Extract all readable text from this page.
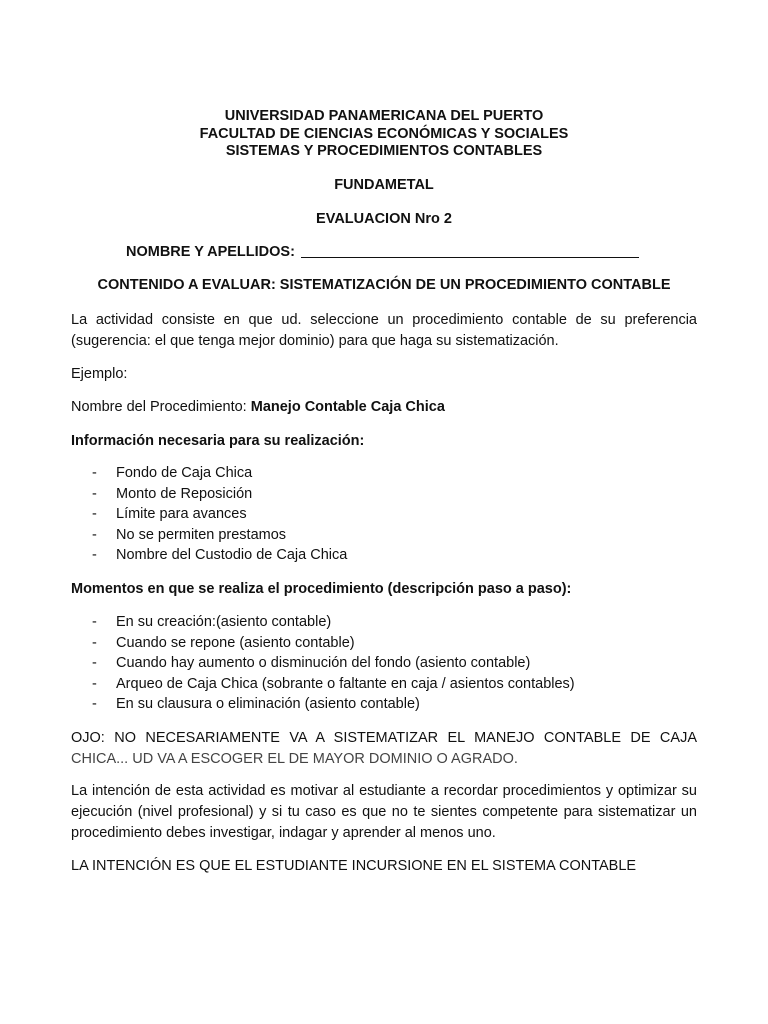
UNIVERSIDAD PANAMERICANA DEL PUERTO
FACULTAD DE CIENCIAS ECONÓMICAS Y SOCIALES
SISTEMAS Y PROCEDIMIENTOS CONTABLES
FUNDAMETAL
EVALUACION Nro 2
NOMBRE Y APELLIDOS:
CONTENIDO A EVALUAR: SISTEMATIZACIÓN DE UN PROCEDIMIENTO CONTABLE
La actividad consiste en que ud. seleccione un procedimiento contable de su preferencia (sugerencia: el que tenga mejor dominio) para que haga su sistematización.
Ejemplo:
Nombre del Procedimiento: Manejo Contable Caja Chica
Información necesaria para su realización:
- Fondo de Caja Chica
- Monto de Reposición
- Límite para avances
- No se permiten prestamos
- Nombre del Custodio de Caja Chica
Momentos en que se realiza el procedimiento (descripción paso a paso):
- En su creación:(asiento contable)
- Cuando se repone (asiento contable)
- Cuando hay aumento o disminución del fondo (asiento contable)
- Arqueo de Caja Chica (sobrante o faltante en caja / asientos contables)
- En su clausura o eliminación (asiento contable)
OJO: NO NECESARIAMENTE VA A SISTEMATIZAR EL MANEJO CONTABLE DE CAJA
CHICA... UD VA A ESCOGER EL DE MAYOR DOMINIO O AGRADO.
La intención de esta actividad es motivar al estudiante a recordar procedimientos y optimizar su ejecución (nivel profesional) y si tu caso es que no te sientes competente para sistematizar un procedimiento debes investigar, indagar y aprender al menos uno.
LA INTENCIÓN ES QUE EL ESTUDIANTE INCURSIONE EN EL SISTEMA CONTABLE
